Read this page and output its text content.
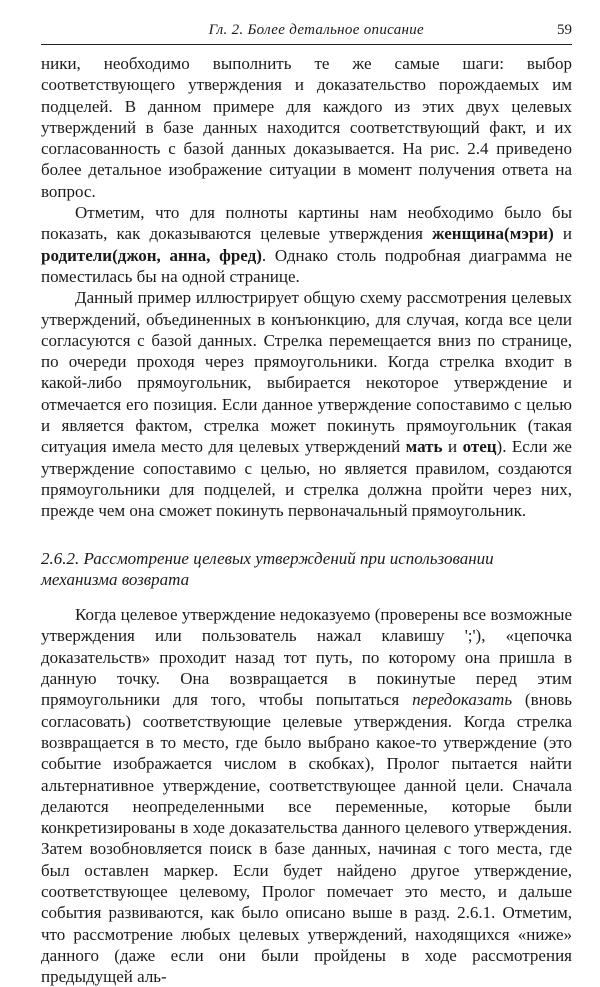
Гл. 2. Более детальное описание	59

ники, необходимо выполнить те же самые шаги: выбор соответствующего утверждения и доказательство порождаемых им подцелей. В данном примере для каждого из этих двух целевых утверждений в базе данных находится соответствующий факт, и их согласованность с базой данных доказывается. На рис. 2.4 приведено более детальное изображение ситуации в момент получения ответа на вопрос.

Отметим, что для полноты картины нам необходимо было бы показать, как доказываются целевые утверждения женщина(мэри) и родители(джон, анна, фред). Однако столь подробная диаграмма не поместилась бы на одной странице.

Данный пример иллюстрирует общую схему рассмотрения целевых утверждений, объединенных в конъюнкцию, для случая, когда все цели согласуются с базой данных. Стрелка перемещается вниз по странице, по очереди проходя через прямоугольники. Когда стрелка входит в какой-либо прямоугольник, выбирается некоторое утверждение и отмечается его позиция. Если данное утверждение сопоставимо с целью и является фактом, стрелка может покинуть прямоугольник (такая ситуация имела место для целевых утверждений мать и отец). Если же утверждение сопоставимо с целью, но является правилом, создаются прямоугольники для подцелей, и стрелка должна пройти через них, прежде чем она сможет покинуть первоначальный прямоугольник.

2.6.2. Рассмотрение целевых утверждений при использовании механизма возврата

Когда целевое утверждение недоказуемо (проверены все возможные утверждения или пользователь нажал клавишу ';'), «цепочка доказательств» проходит назад тот путь, по которому она пришла в данную точку. Она возвращается в покинутые перед этим прямоугольники для того, чтобы попытаться передоказать (вновь согласовать) соответствующие целевые утверждения. Когда стрелка возвращается в то место, где было выбрано какое-то утверждение (это событие изображается числом в скобках), Пролог пытается найти альтернативное утверждение, соответствующее данной цели. Сначала делаются неопределенными все переменные, которые были конкретизированы в ходе доказательства данного целевого утверждения. Затем возобновляется поиск в базе данных, начиная с того места, где был оставлен маркер. Если будет найдено другое утверждение, соответствующее целевому, Пролог помечает это место, и дальше события развиваются, как было описано выше в разд. 2.6.1. Отметим, что рассмотрение любых целевых утверждений, находящихся «ниже» данного (даже если они были пройдены в ходе рассмотрения предыдущей аль-
